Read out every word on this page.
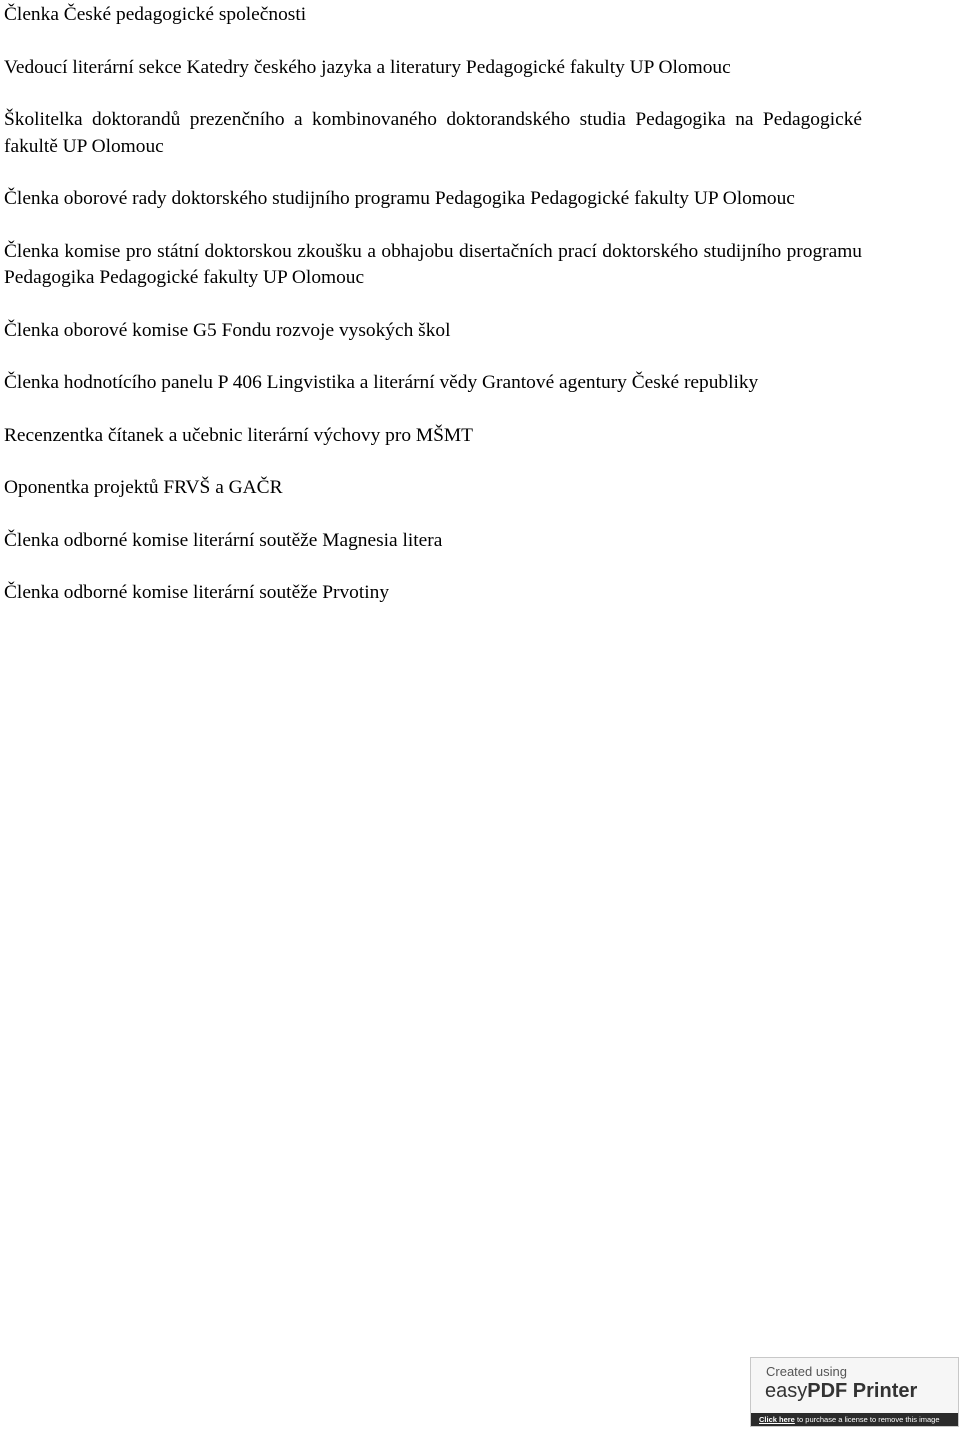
Členka České pedagogické společnosti

Vedoucí literární sekce Katedry českého jazyka a literatury Pedagogické fakulty UP Olomouc

Školitelka doktorandů prezenčního a kombinovaného doktorandského studia Pedagogika na Pedagogické fakultě UP Olomouc

Členka oborové rady doktorského studijního programu Pedagogika Pedagogické fakulty UP Olomouc

Členka komise pro státní doktorskou zkoušku a obhajobu disertačních prací doktorského studijního programu Pedagogika Pedagogické fakulty UP Olomouc

Členka oborové komise G5 Fondu rozvoje vysokých škol

Členka hodnotícího panelu P 406 Lingvistika a literární vědy Grantové agentury České republiky

Recenzentka čítanek a učebnic literární výchovy pro MŠMT

Oponentka projektů FRVŠ a GAČR

Členka odborné komise literární soutěže Magnesia litera

Členka odborné komise literární soutěže Prvotiny

Created using
easyPDF Printer
Click here to purchase a license to remove this image
